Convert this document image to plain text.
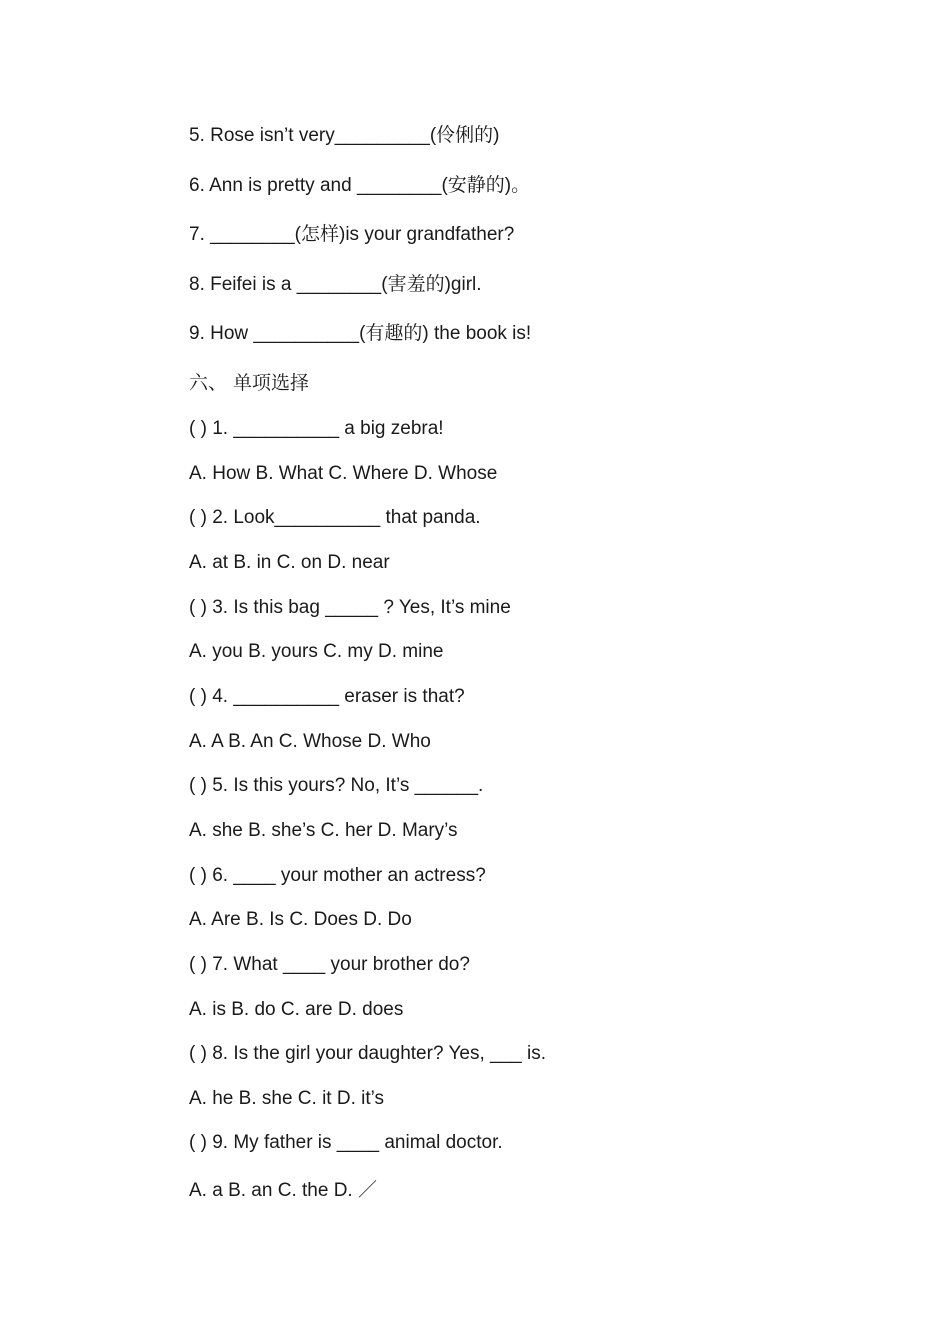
5. Rose isn’t very_________(伶俐的)
6. Ann is pretty and ________(安静的)。
7. ________(怎样)is your grandfather?
8. Feifei is a ________(害羞的)girl.
9. How __________(有趣的) the book is!
六、 单项选择
( ) 1. __________ a big zebra!
A. How B. What C. Where D. Whose
( ) 2. Look__________ that panda.
A. at B. in C. on D. near
( ) 3. Is this bag _____ ? Yes, It’s mine
A. you B. yours C. my D. mine
( ) 4. __________ eraser is that?
A. A B. An C. Whose D. Who
( ) 5. Is this yours? No, It’s ______.
A. she B. she’s C. her D. Mary’s
( ) 6. ____ your mother an actress?
A. Are B. Is C. Does D. Do
( ) 7. What ____ your brother do?
A. is B. do C. are D. does
( ) 8. Is the girl your daughter? Yes, ___ is.
A. he B. she C. it D. it’s
( ) 9. My father is ____ animal doctor.
A. a B. an C. the D. ／
